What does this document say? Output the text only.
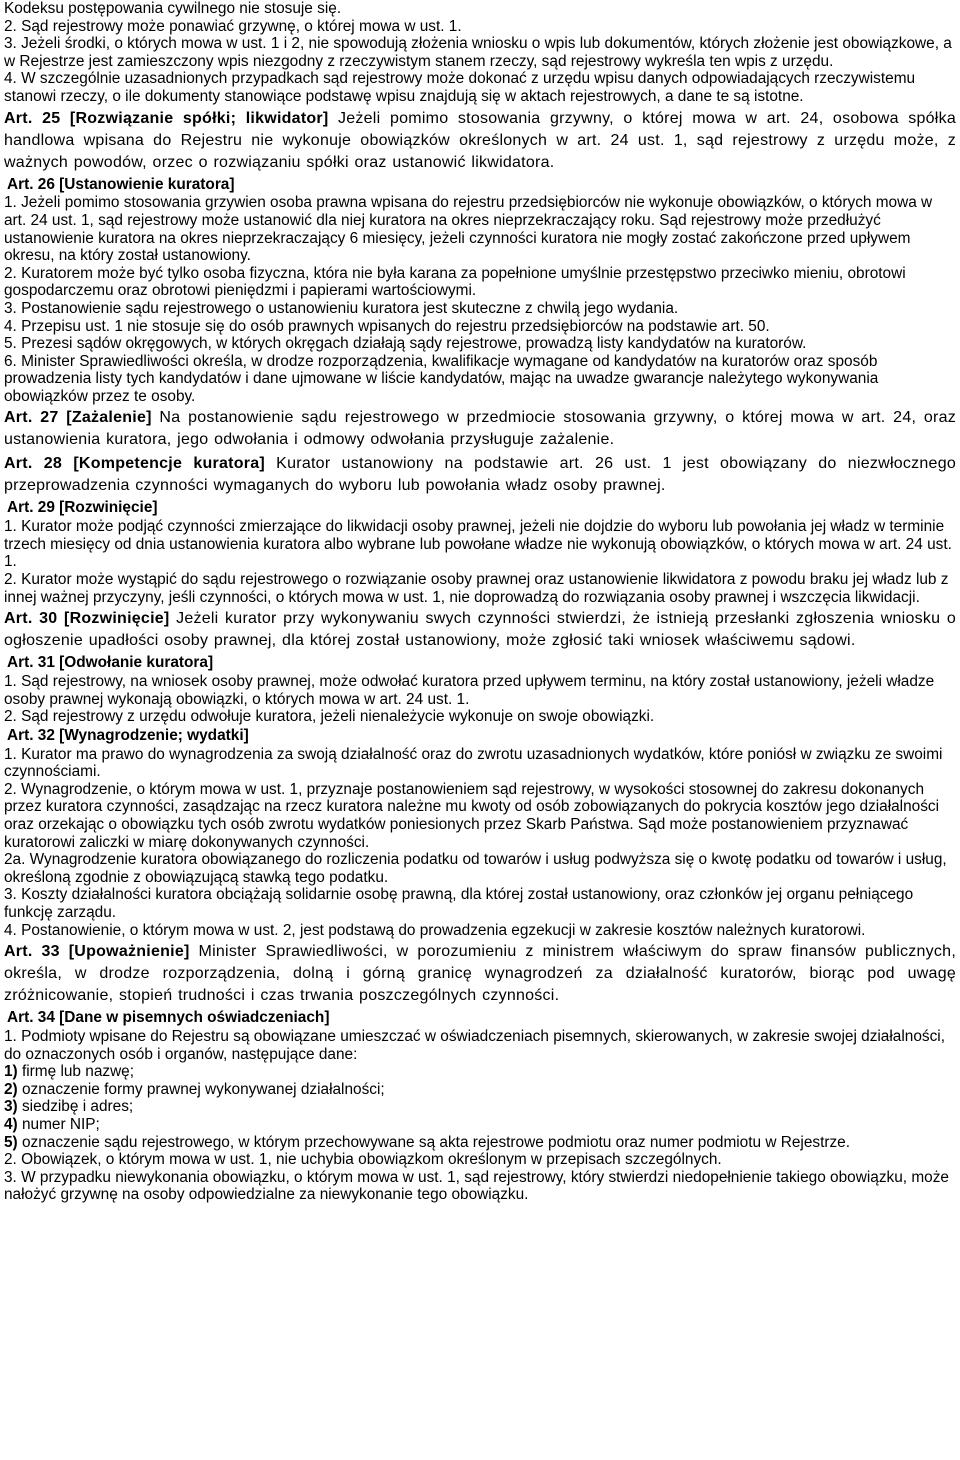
Kodeksu postępowania cywilnego nie stosuje się.

2. Sąd rejestrowy może ponawiać grzywnę, o której mowa w ust. 1.

3. Jeżeli środki, o których mowa w ust. 1 i 2, nie spowodują złożenia wniosku o wpis lub dokumentów, których złożenie jest obowiązkowe, a w Rejestrze jest zamieszczony wpis niezgodny z rzeczywistym stanem rzeczy, sąd rejestrowy wykreśla ten wpis z urzędu.

4. W szczególnie uzasadnionych przypadkach sąd rejestrowy może dokonać z urzędu wpisu danych odpowiadających rzeczywistemu stanowi rzeczy, o ile dokumenty stanowiące podstawę wpisu znajdują się w aktach rejestrowych, a dane te są istotne.

Art. 25 [Rozwiązanie spółki; likwidator] Jeżeli pomimo stosowania grzywny, o której mowa w art. 24, osobowa spółka handlowa wpisana do Rejestru nie wykonuje obowiązków określonych w art. 24 ust. 1, sąd rejestrowy z urzędu może, z ważnych powodów, orzec o rozwiązaniu spółki oraz ustanowić likwidatora.

Art. 26 [Ustanowienie kuratora]

1. Jeżeli pomimo stosowania grzywien osoba prawna wpisana do rejestru przedsiębiorców nie wykonuje obowiązków, o których mowa w art. 24 ust. 1, sąd rejestrowy może ustanowić dla niej kuratora na okres nieprzekraczający roku. Sąd rejestrowy może przedłużyć ustanowienie kuratora na okres nieprzekraczający 6 miesięcy, jeżeli czynności kuratora nie mogły zostać zakończone przed upływem okresu, na który został ustanowiony.

2. Kuratorem może być tylko osoba fizyczna, która nie była karana za popełnione umyślnie przestępstwo przeciwko mieniu, obrotowi gospodarczemu oraz obrotowi pieniędzmi i papierami wartościowymi.

3. Postanowienie sądu rejestrowego o ustanowieniu kuratora jest skuteczne z chwilą jego wydania.

4. Przepisu ust. 1 nie stosuje się do osób prawnych wpisanych do rejestru przedsiębiorców na podstawie art. 50.

5. Prezesi sądów okręgowych, w których okręgach działają sądy rejestrowe, prowadzą listy kandydatów na kuratorów.

6. Minister Sprawiedliwości określa, w drodze rozporządzenia, kwalifikacje wymagane od kandydatów na kuratorów oraz sposób prowadzenia listy tych kandydatów i dane ujmowane w liście kandydatów, mając na uwadze gwarancje należytego wykonywania obowiązków przez te osoby.

Art. 27 [Zażalenie] Na postanowienie sądu rejestrowego w przedmiocie stosowania grzywny, o której mowa w art. 24, oraz ustanowienia kuratora, jego odwołania i odmowy odwołania przysługuje zażalenie.

Art. 28 [Kompetencje kuratora] Kurator ustanowiony na podstawie art. 26 ust. 1 jest obowiązany do niezwłocznego przeprowadzenia czynności wymaganych do wyboru lub powołania władz osoby prawnej.

Art. 29 [Rozwinięcie]

1. Kurator może podjąć czynności zmierzające do likwidacji osoby prawnej, jeżeli nie dojdzie do wyboru lub powołania jej władz w terminie trzech miesięcy od dnia ustanowienia kuratora albo wybrane lub powołane władze nie wykonują obowiązków, o których mowa w art. 24 ust. 1.

2. Kurator może wystąpić do sądu rejestrowego o rozwiązanie osoby prawnej oraz ustanowienie likwidatora z powodu braku jej władz lub z innej ważnej przyczyny, jeśli czynności, o których mowa w ust. 1, nie doprowadzą do rozwiązania osoby prawnej i wszczęcia likwidacji.

Art. 30 [Rozwinięcie] Jeżeli kurator przy wykonywaniu swych czynności stwierdzi, że istnieją przesłanki zgłoszenia wniosku o ogłoszenie upadłości osoby prawnej, dla której został ustanowiony, może zgłosić taki wniosek właściwemu sądowi.

Art. 31 [Odwołanie kuratora]

1. Sąd rejestrowy, na wniosek osoby prawnej, może odwołać kuratora przed upływem terminu, na który został ustanowiony, jeżeli władze osoby prawnej wykonają obowiązki, o których mowa w art. 24 ust. 1.

2. Sąd rejestrowy z urzędu odwołuje kuratora, jeżeli nienależycie wykonuje on swoje obowiązki.

Art. 32 [Wynagrodzenie; wydatki]

1. Kurator ma prawo do wynagrodzenia za swoją działalność oraz do zwrotu uzasadnionych wydatków, które poniósł w związku ze swoimi czynnościami.

2. Wynagrodzenie, o którym mowa w ust. 1, przyznaje postanowieniem sąd rejestrowy, w wysokości stosownej do zakresu dokonanych przez kuratora czynności, zasądzając na rzecz kuratora należne mu kwoty od osób zobowiązanych do pokrycia kosztów jego działalności oraz orzekając o obowiązku tych osób zwrotu wydatków poniesionych przez Skarb Państwa. Sąd może postanowieniem przyznawać kuratorowi zaliczki w miarę dokonywanych czynności.

2a. Wynagrodzenie kuratora obowiązanego do rozliczenia podatku od towarów i usług podwyższa się o kwotę podatku od towarów i usług, określoną zgodnie z obowiązującą stawką tego podatku.

3. Koszty działalności kuratora obciążają solidarnie osobę prawną, dla której został ustanowiony, oraz członków jej organu pełniącego funkcję zarządu.

4. Postanowienie, o którym mowa w ust. 2, jest podstawą do prowadzenia egzekucji w zakresie kosztów należnych kuratorowi.

Art. 33 [Upoważnienie] Minister Sprawiedliwości, w porozumieniu z ministrem właściwym do spraw finansów publicznych, określa, w drodze rozporządzenia, dolną i górną granicę wynagrodzeń za działalność kuratorów, biorąc pod uwagę zróżnicowanie, stopień trudności i czas trwania poszczególnych czynności.

Art. 34 [Dane w pisemnych oświadczeniach]

1. Podmioty wpisane do Rejestru są obowiązane umieszczać w oświadczeniach pisemnych, skierowanych, w zakresie swojej działalności, do oznaczonych osób i organów, następujące dane:

1) firmę lub nazwę;

2) oznaczenie formy prawnej wykonywanej działalności;

3) siedzibę i adres;

4) numer NIP;

5) oznaczenie sądu rejestrowego, w którym przechowywane są akta rejestrowe podmiotu oraz numer podmiotu w Rejestrze.

2. Obowiązek, o którym mowa w ust. 1, nie uchybia obowiązkom określonym w przepisach szczególnych.

3. W przypadku niewykonania obowiązku, o którym mowa w ust. 1, sąd rejestrowy, który stwierdzi niedopełnienie takiego obowiązku, może nałożyć grzywnę na osoby odpowiedzialne za niewykonanie tego obowiązku.
